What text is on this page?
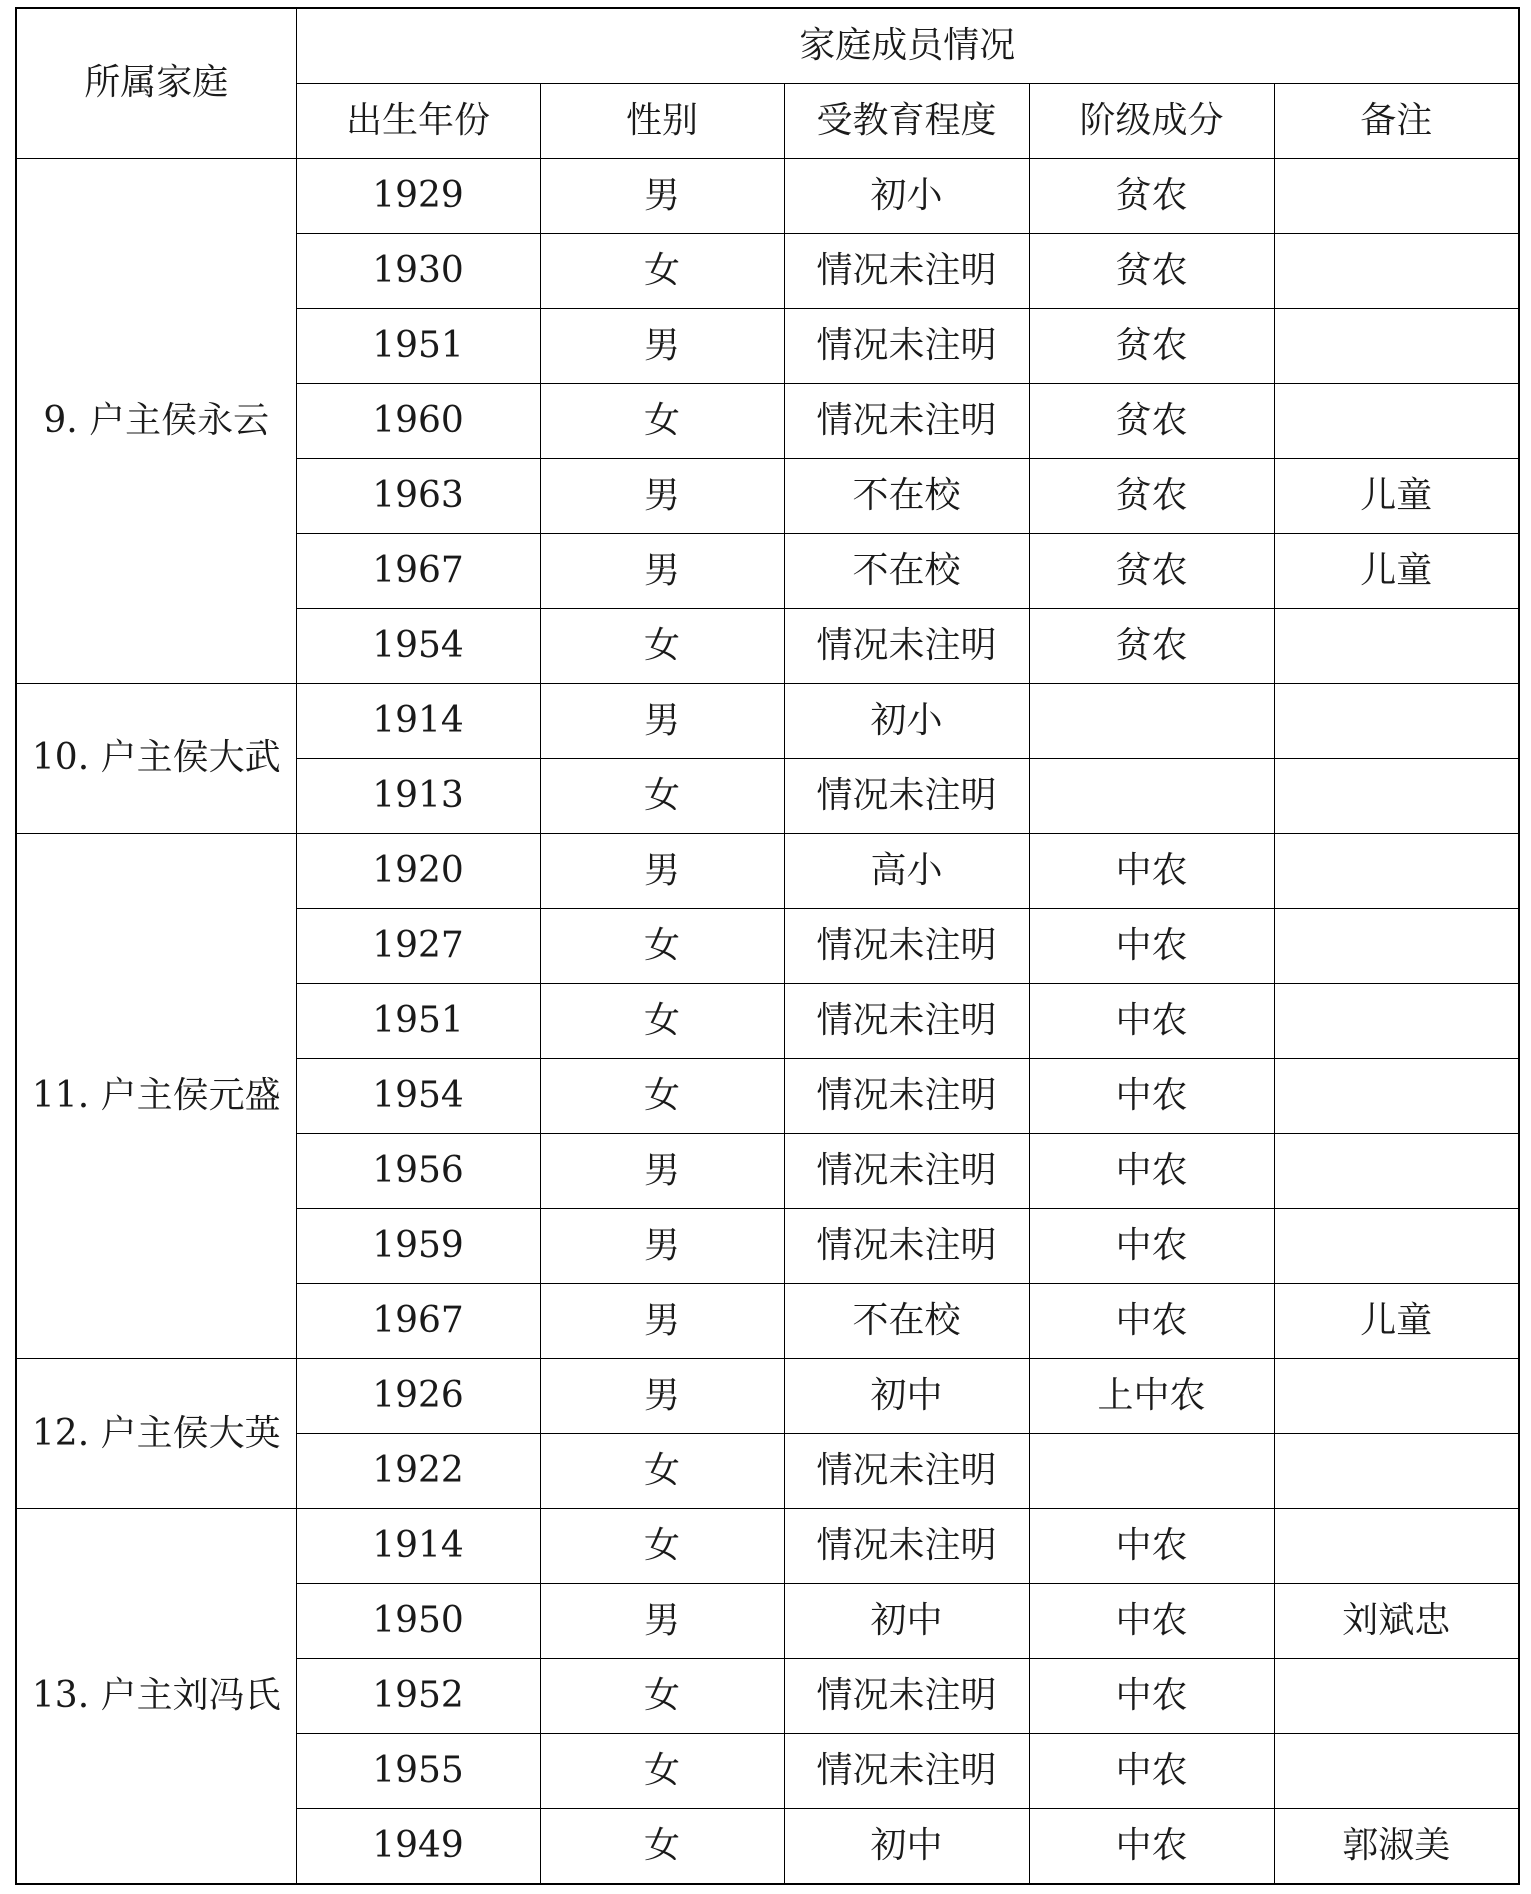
所属家庭	家庭成员情况				
	出生年份	性别	受教育程度	阶级成分	备注
9. 户主侯永云	1929	男	初小	贫农	
	1930	女	情况未注明	贫农	
	1951	男	情况未注明	贫农	
	1960	女	情况未注明	贫农	
	1963	男	不在校	贫农	儿童
	1967	男	不在校	贫农	儿童
	1954	女	情况未注明	贫农	
10. 户主侯大武	1914	男	初小		
	1913	女	情况未注明		
11. 户主侯元盛	1920	男	高小	中农	
	1927	女	情况未注明	中农	
	1951	女	情况未注明	中农	
	1954	女	情况未注明	中农	
	1956	男	情况未注明	中农	
	1959	男	情况未注明	中农	
	1967	男	不在校	中农	儿童
12. 户主侯大英	1926	男	初中	上中农	
	1922	女	情况未注明		
13. 户主刘冯氏	1914	女	情况未注明	中农	
	1950	男	初中	中农	刘斌忠
	1952	女	情况未注明	中农	
	1955	女	情况未注明	中农	
	1949	女	初中	中农	郭淑美
